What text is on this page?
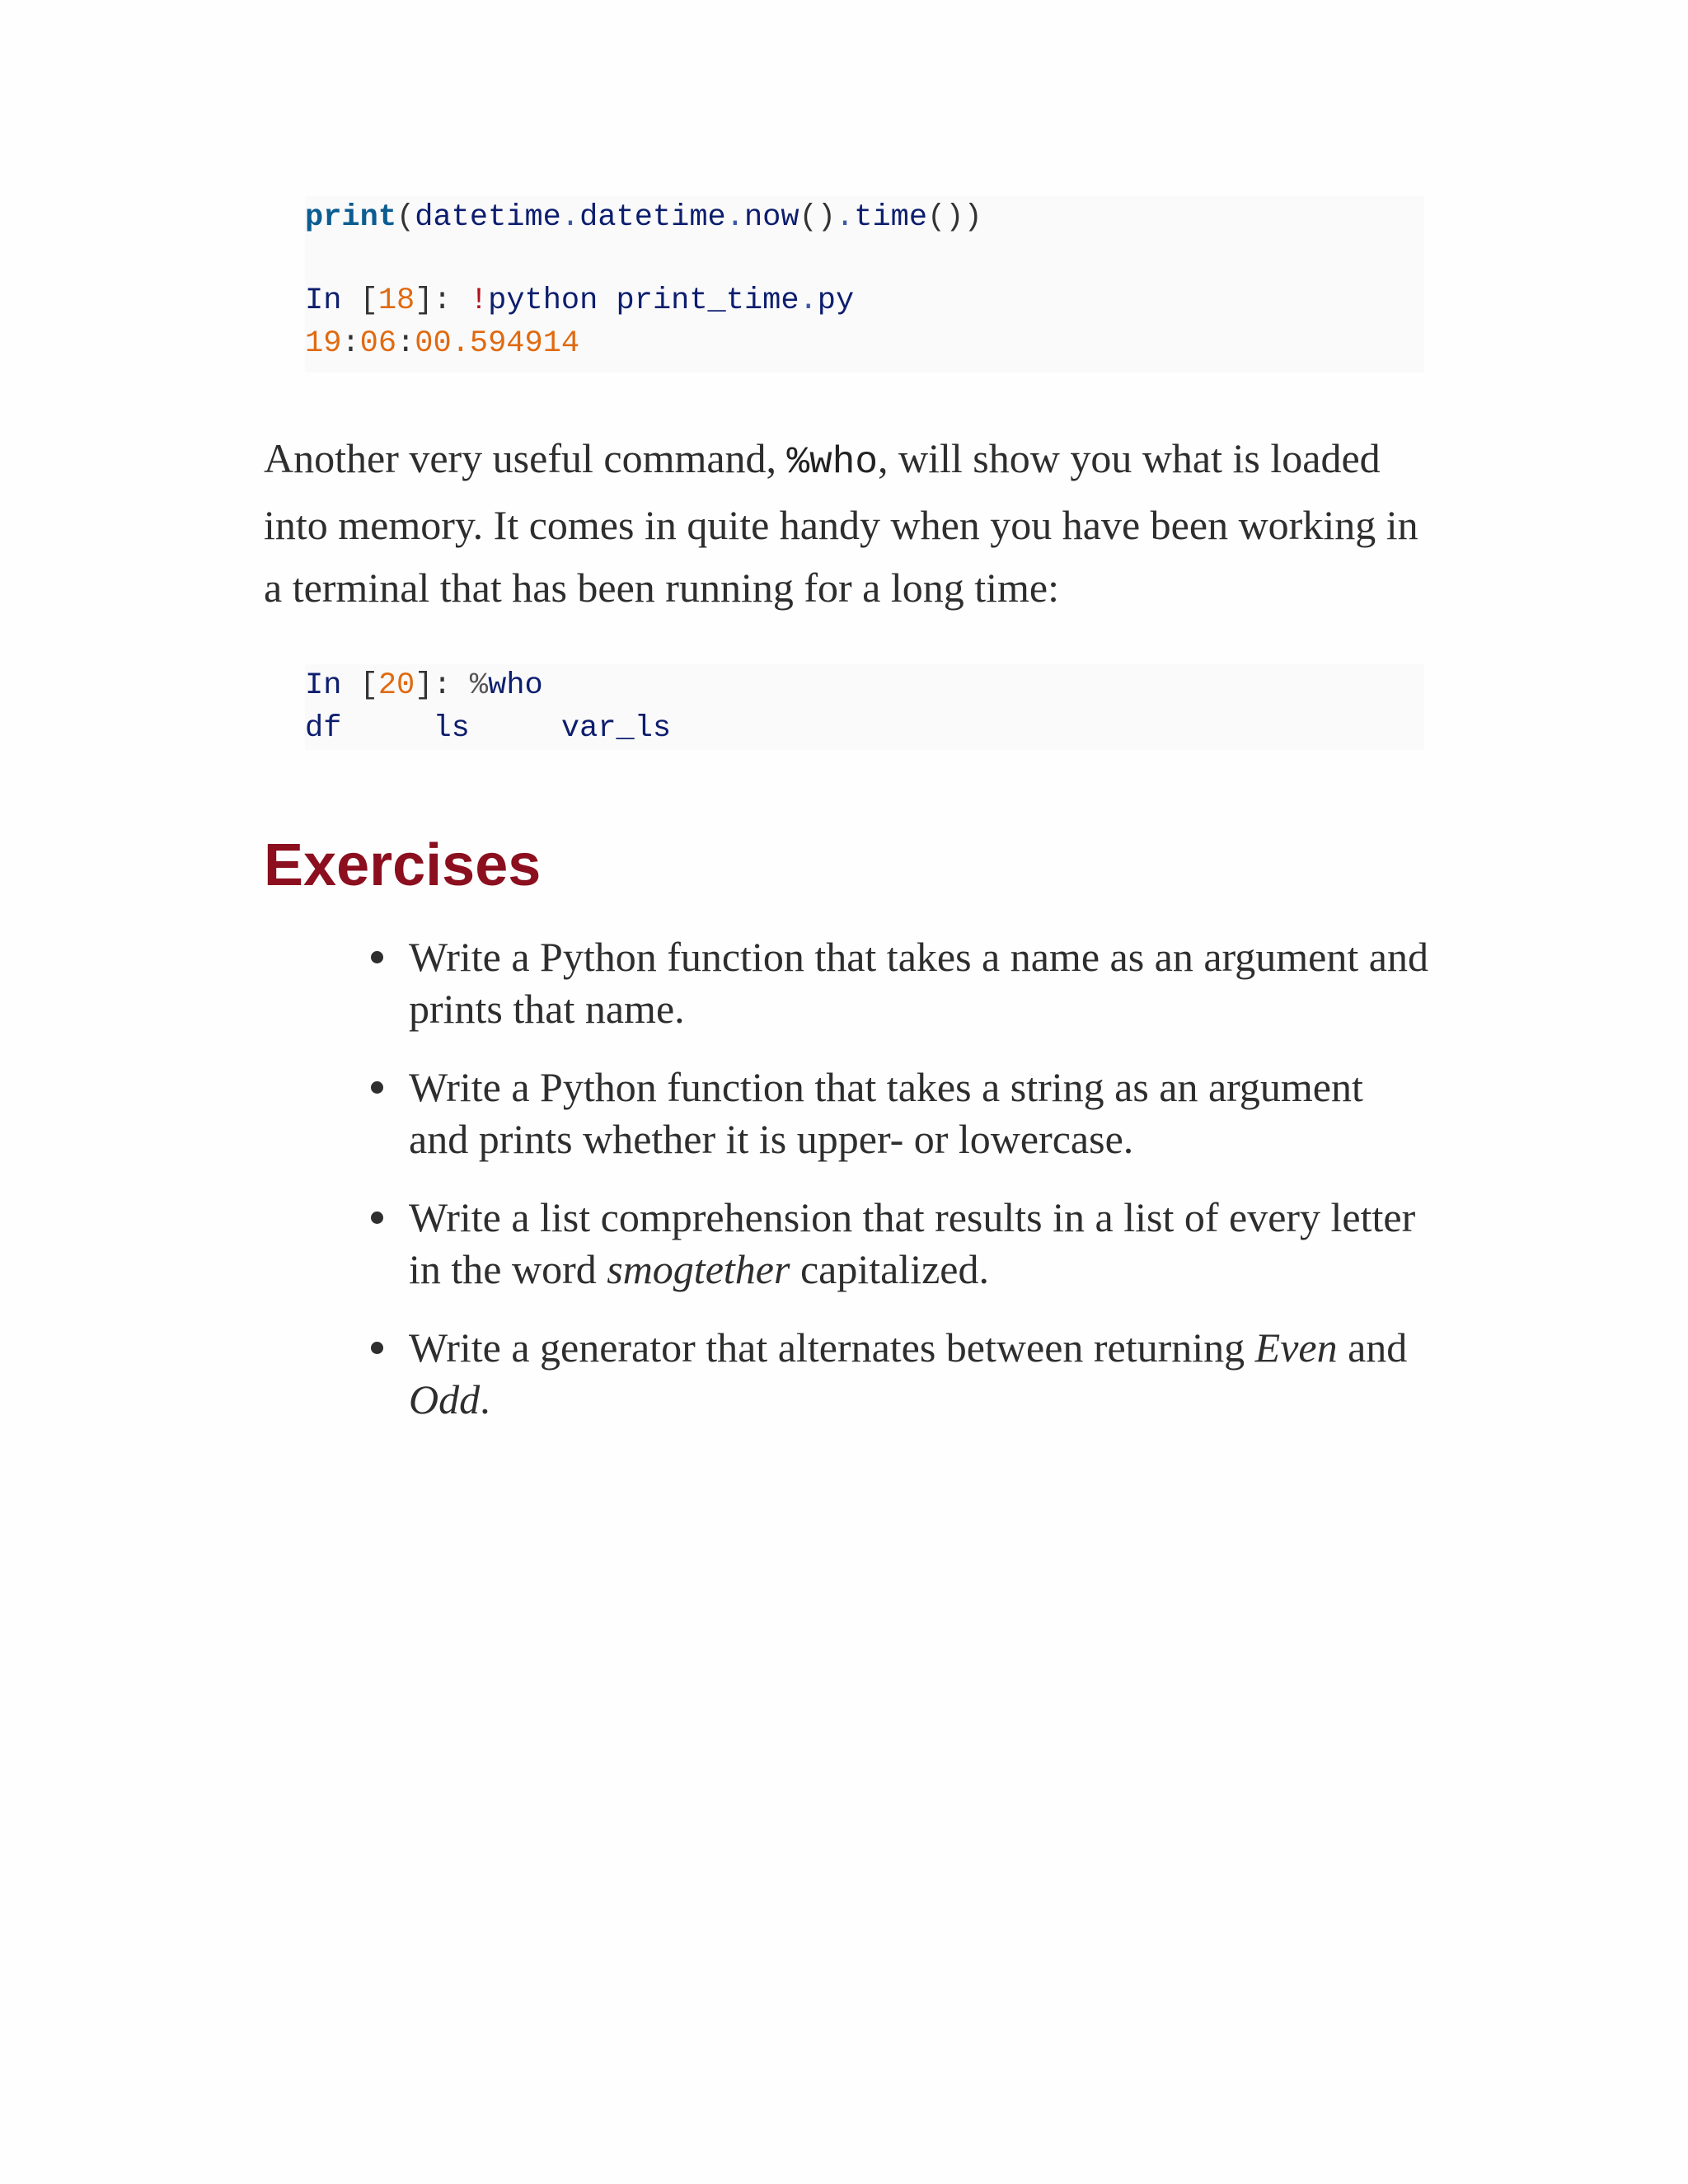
print(datetime.datetime.now().time())

In [18]: !python print_time.py

19:06:00.594914

Another very useful command, %who, will show you what is loaded into memory. It comes in quite handy when you have been working in a terminal that has been running for a long time:

In [20]: %who

df	ls	var_ls

Exercises
Write a Python function that takes a name as an argument and prints that name.
Write a Python function that takes a string as an argument and prints whether it is upper- or lowercase.
Write a list comprehension that results in a list of every letter in the word smogtether capitalized.
Write a generator that alternates between returning Even and Odd.
